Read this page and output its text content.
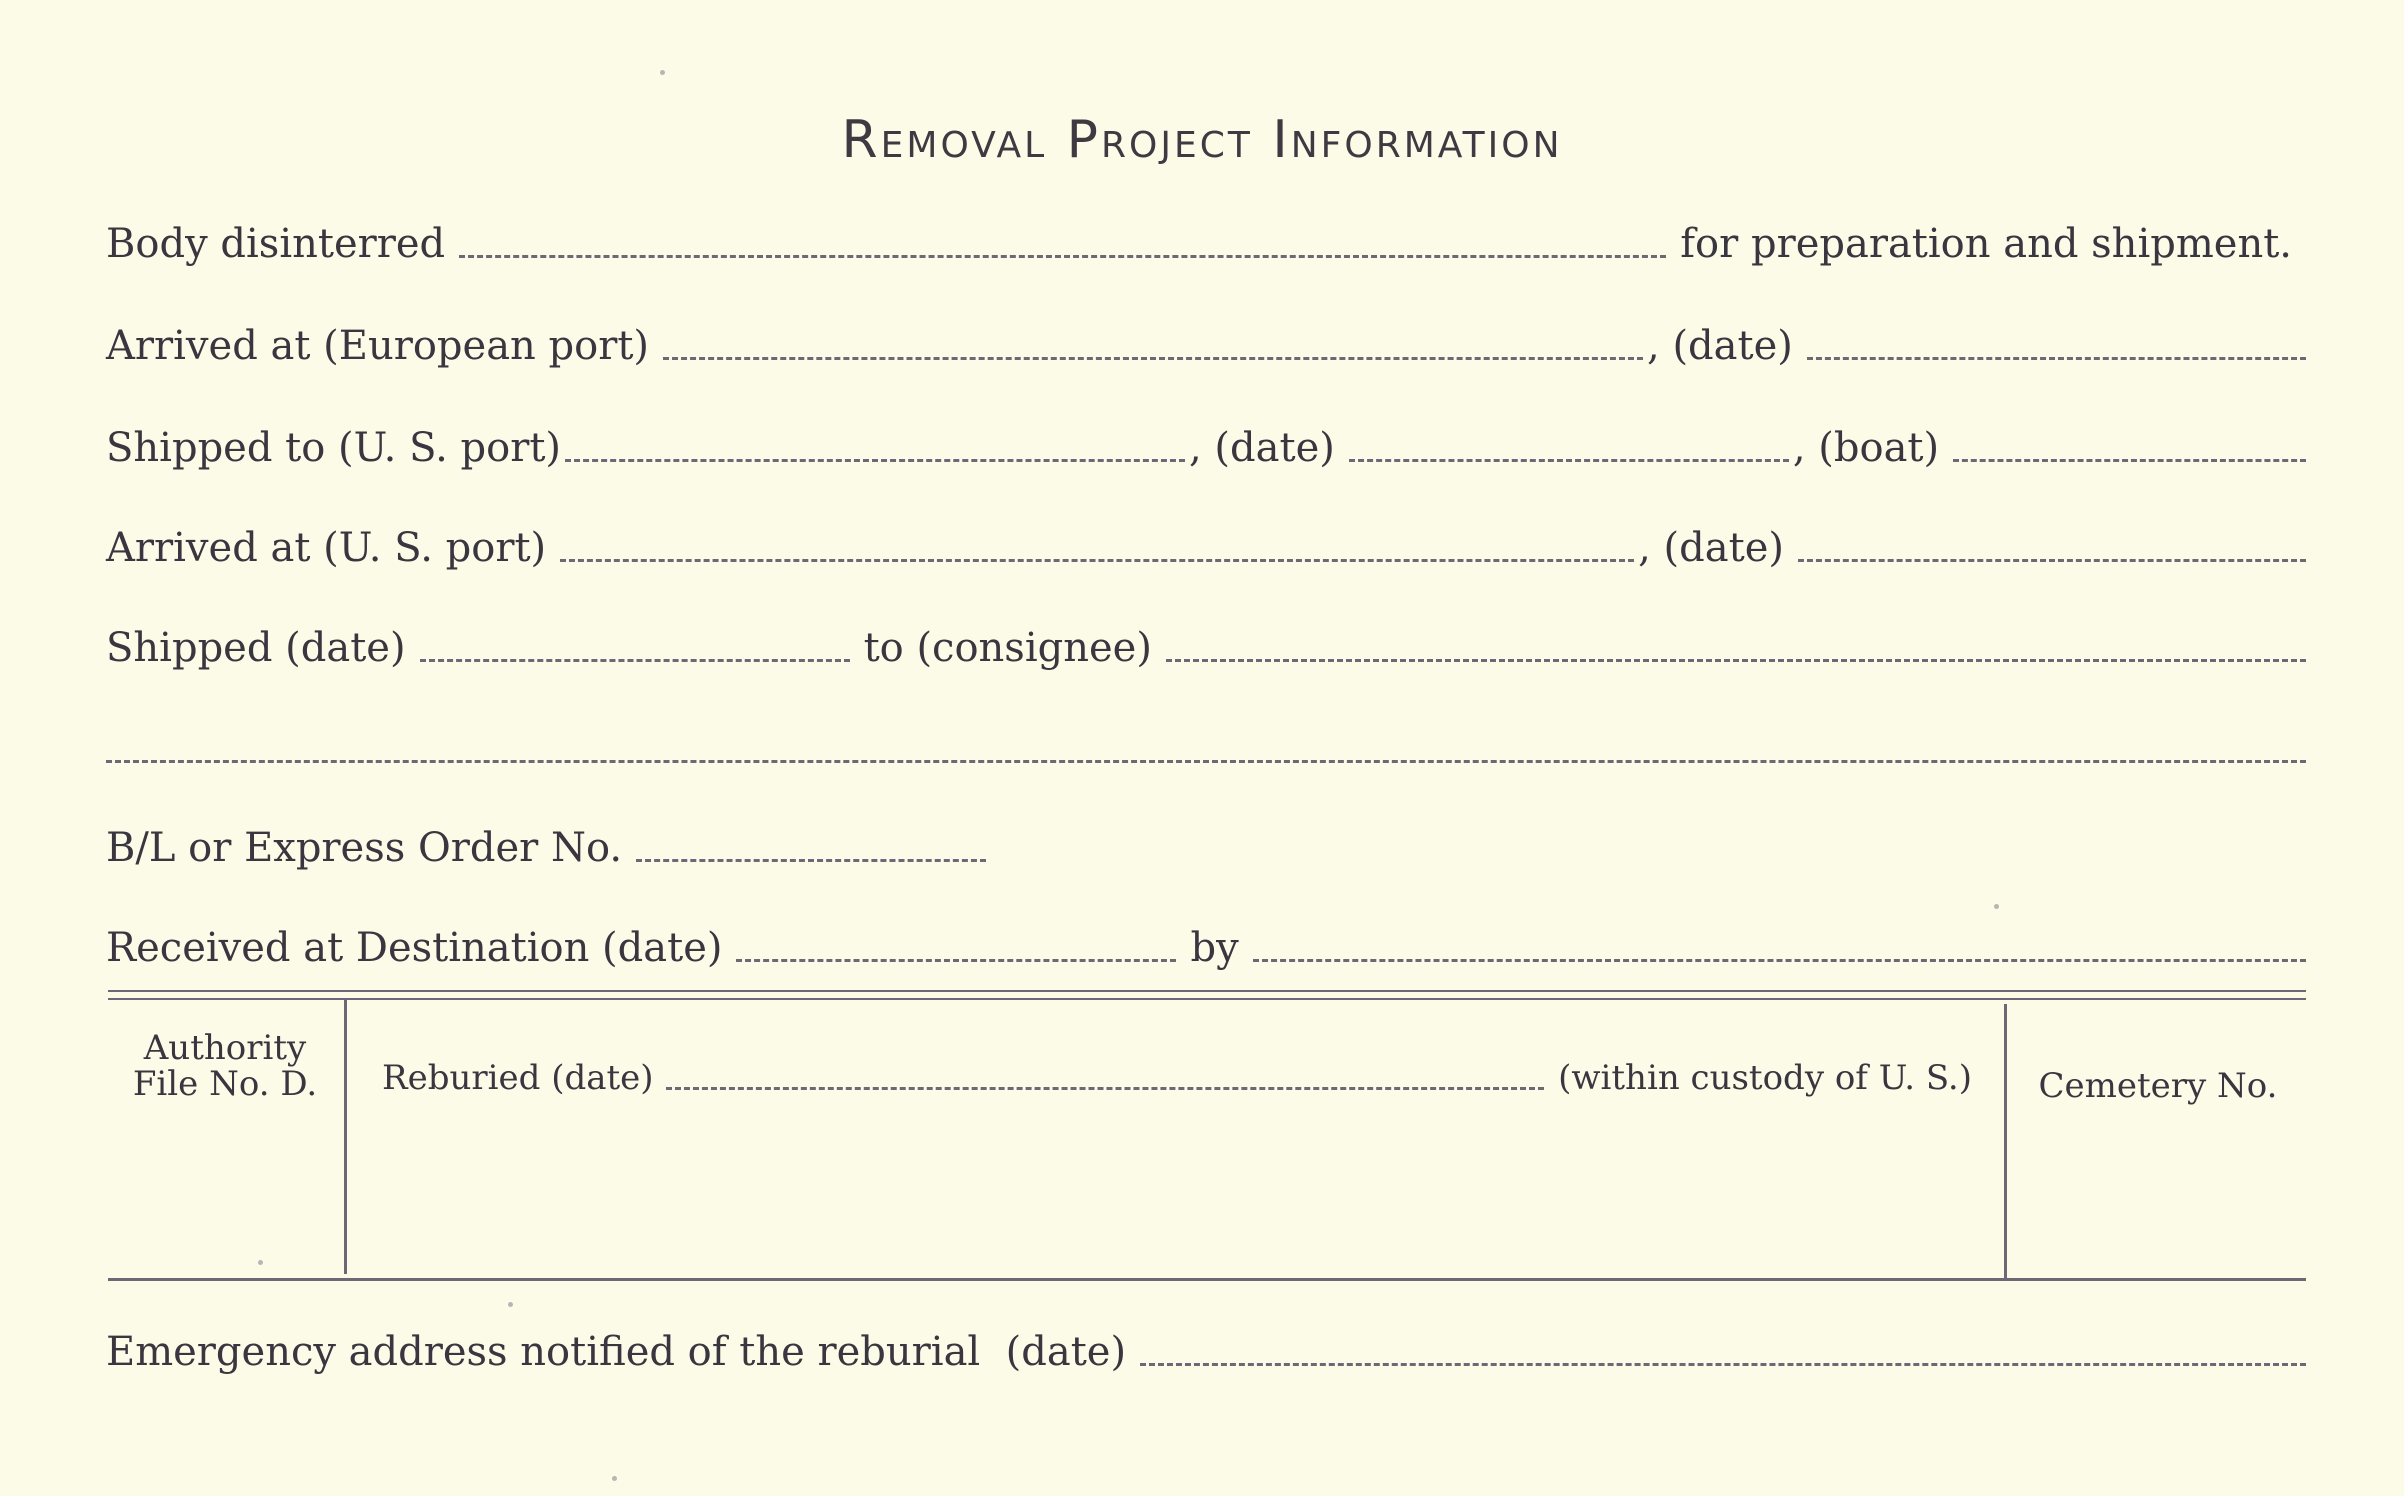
Removal Project Information
Body disinterred	for preparation and shipment.
Arrived at (European port)	, (date)
Shipped to (U. S. port)	, (date)	, (boat)
Arrived at (U. S. port)	, (date)
Shipped (date)	to (consignee)
B/L or Express Order No.
Received at Destination (date)	by
Authority
File No. D.	Reburied (date)	(within custody of U. S.)	Cemetery No.
Emergency address notified of the reburial  (date)
